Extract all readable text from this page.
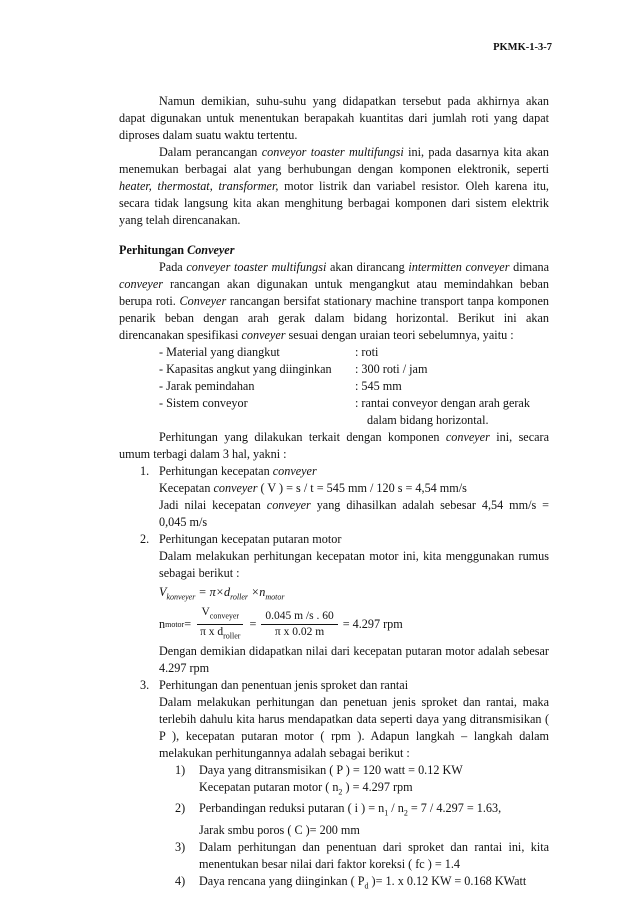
PKMK-1-3-7

Namun demikian, suhu-suhu yang didapatkan tersebut pada akhirnya akan dapat digunakan untuk menentukan berapakah kuantitas dari jumlah roti yang dapat diproses dalam suatu waktu tertentu.

Dalam perancangan conveyor toaster multifungsi ini, pada dasarnya kita akan menemukan berbagai alat yang berhubungan dengan komponen elektronik, seperti heater, thermostat, transformer, motor listrik dan variabel resistor. Oleh karena itu, secara tidak langsung kita akan menghitung berbagai komponen dari sistem elektrik yang telah direncanakan.

Perhitungan Conveyer

Pada conveyer toaster multifungsi akan dirancang intermitten conveyer dimana conveyer rancangan akan digunakan untuk mengangkut atau memindahkan beban berupa roti. Conveyer rancangan bersifat stationary machine transport tanpa komponen penarik beban dengan arah gerak dalam bidang horizontal. Berikut ini akan direncanakan spesifikasi conveyer sesuai dengan uraian teori sebelumnya, yaitu :

- Material yang diangkut	: roti
- Kapasitas angkut yang diinginkan	: 300 roti / jam
- Jarak pemindahan	: 545 mm
- Sistem conveyor	: rantai conveyor dengan arah gerak
dalam bidang horizontal.

Perhitungan yang dilakukan terkait dengan komponen conveyer ini, secara umum terbagi dalam 3 hal, yakni :

1. Perhitungan kecepatan conveyer
Kecepatan conveyer ( V ) = s / t = 545 mm / 120 s = 4,54 mm/s
Jadi nilai kecepatan conveyer yang dihasilkan adalah sebesar 4,54 mm/s = 0,045 m/s
2. Perhitungan kecepatan putaran motor
Dalam melakukan perhitungan kecepatan motor ini, kita menggunakan rumus sebagai berikut :
$V_{konveyer} = \pi\times d_{roller} \times n_{motor}$
n motor = $\frac{V_{conveyer}}{\pi x d_{roller}} = \frac{0.045 m /s . 60}{\text{π x 0.02 m}} = 4.297$ rpm
Dengan demikian didapatkan nilai dari kecepatan putaran motor adalah sebesar 4.297 rpm
3. Perhitungan dan penentuan jenis sproket dan rantai
Dalam melakukan perhitungan dan penetuan jenis sproket dan rantai, maka terlebih dahulu kita harus mendapatkan data seperti daya yang ditransmisikan ( P ), kecepatan putaran motor ( rpm ). Adapun langkah – langkah dalam melakukan perhitungannya adalah sebagai berikut :
1) Daya yang ditransmisikan ( P ) = 120 watt = 0.12 KW
Kecepatan putaran motor ( $n_2$ ) = 4.297 rpm
2) Perbandingan reduksi putaran ( i ) = $n_1 / n_2 = 7 / 4.297 = 1.63$,
Jarak smbu poros ( C )= 200 mm
3) Dalam perhitungan dan penentuan dari sproket dan rantai ini, kita menentukan besar nilai dari faktor koreksi ( fc ) = 1.4
4) Daya rencana yang diinginkan ( $P_d$ )= 1. x 0.12 KW = 0.168 KWatt
